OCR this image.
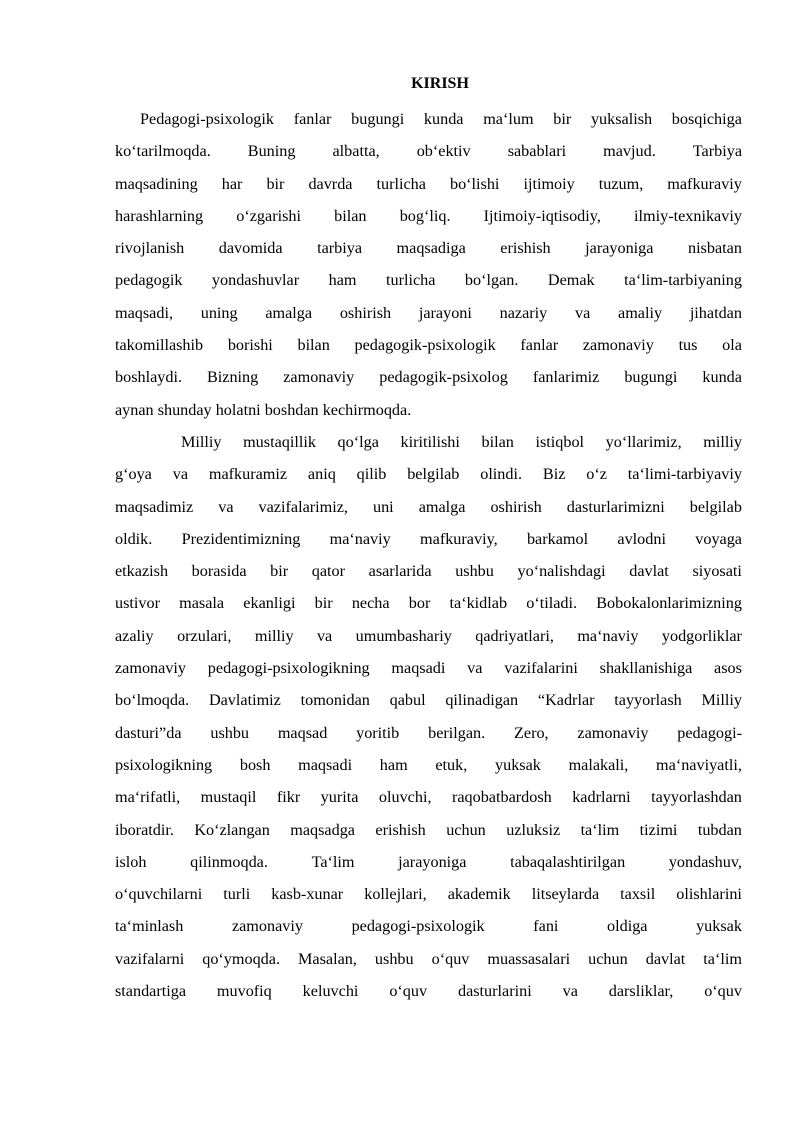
KIRISH
Pedagogi-psixologik fanlar bugungi kunda ma‘lum bir yuksalish bosqichiga
ko‘tarilmoqda. Buning albatta, ob‘ektiv sabablari mavjud. Tarbiya
maqsadining har bir davrda turlicha bo‘lishi ijtimoiy tuzum, mafkuraviy
harashlarning o‘zgarishi bilan bog‘liq. Ijtimoiy-iqtisodiy, ilmiy-texnikaviy
rivojlanish davomida tarbiya maqsadiga erishish jarayoniga nisbatan
pedagogik yondashuvlar ham turlicha bo‘lgan. Demak ta‘lim-tarbiyaning
maqsadi, uning amalga oshirish jarayoni nazariy va amaliy jihatdan
takomillashib borishi bilan pedagogik-psixologik fanlar zamonaviy tus ola
boshlaydi. Bizning zamonaviy pedagogik-psixolog fanlarimiz bugungi kunda
aynan shunday holatni boshdan kechirmoqda.
Milliy mustaqillik qo‘lga kiritilishi bilan istiqbol yo‘llarimiz, milliy
g‘oya va mafkuramiz aniq qilib belgilab olindi. Biz o‘z ta‘limi-tarbiyaviy
maqsadimiz va vazifalarimiz, uni amalga oshirish dasturlarimizni belgilab
oldik. Prezidentimizning ma‘naviy mafkuraviy, barkamol avlodni voyaga
etkazish borasida bir qator asarlarida ushbu yo‘nalishdagi davlat siyosati
ustivor masala ekanligi bir necha bor ta‘kidlab o‘tiladi. Bobokalonlarimizning
azaliy orzulari, milliy va umumbashariy qadriyatlari, ma‘naviy yodgorliklar
zamonaviy pedagogi-psixologikning maqsadi va vazifalarini shakllanishiga asos
bo‘lmoqda. Davlatimiz tomonidan qabul qilinadigan “Kadrlar tayyorlash Milliy
dasturi”da ushbu maqsad yoritib berilgan. Zero, zamonaviy pedagogi-
psixologikning bosh maqsadi ham etuk, yuksak malakali, ma‘naviyatli,
ma‘rifatli, mustaqil fikr yurita oluvchi, raqobatbardosh kadrlarni tayyorlashdan
iboratdir. Ko‘zlangan maqsadga erishish uchun uzluksiz ta‘lim tizimi tubdan
isloh	qilinmoqda.	Ta‘lim	jarayoniga	tabaqalashtirilgan	yondashuv,
o‘quvchilarni turli kasb-xunar kollejlari, akademik litseylarda taxsil olishlarini
ta‘minlash	zamonaviy	pedagogi-psixologik	fani	oldiga	yuksak
vazifalarni qo‘ymoqda. Masalan, ushbu o‘quv muassasalari uchun davlat ta‘lim
standartiga muvofiq keluvchi o‘quv dasturlarini va darsliklar, o‘quv
